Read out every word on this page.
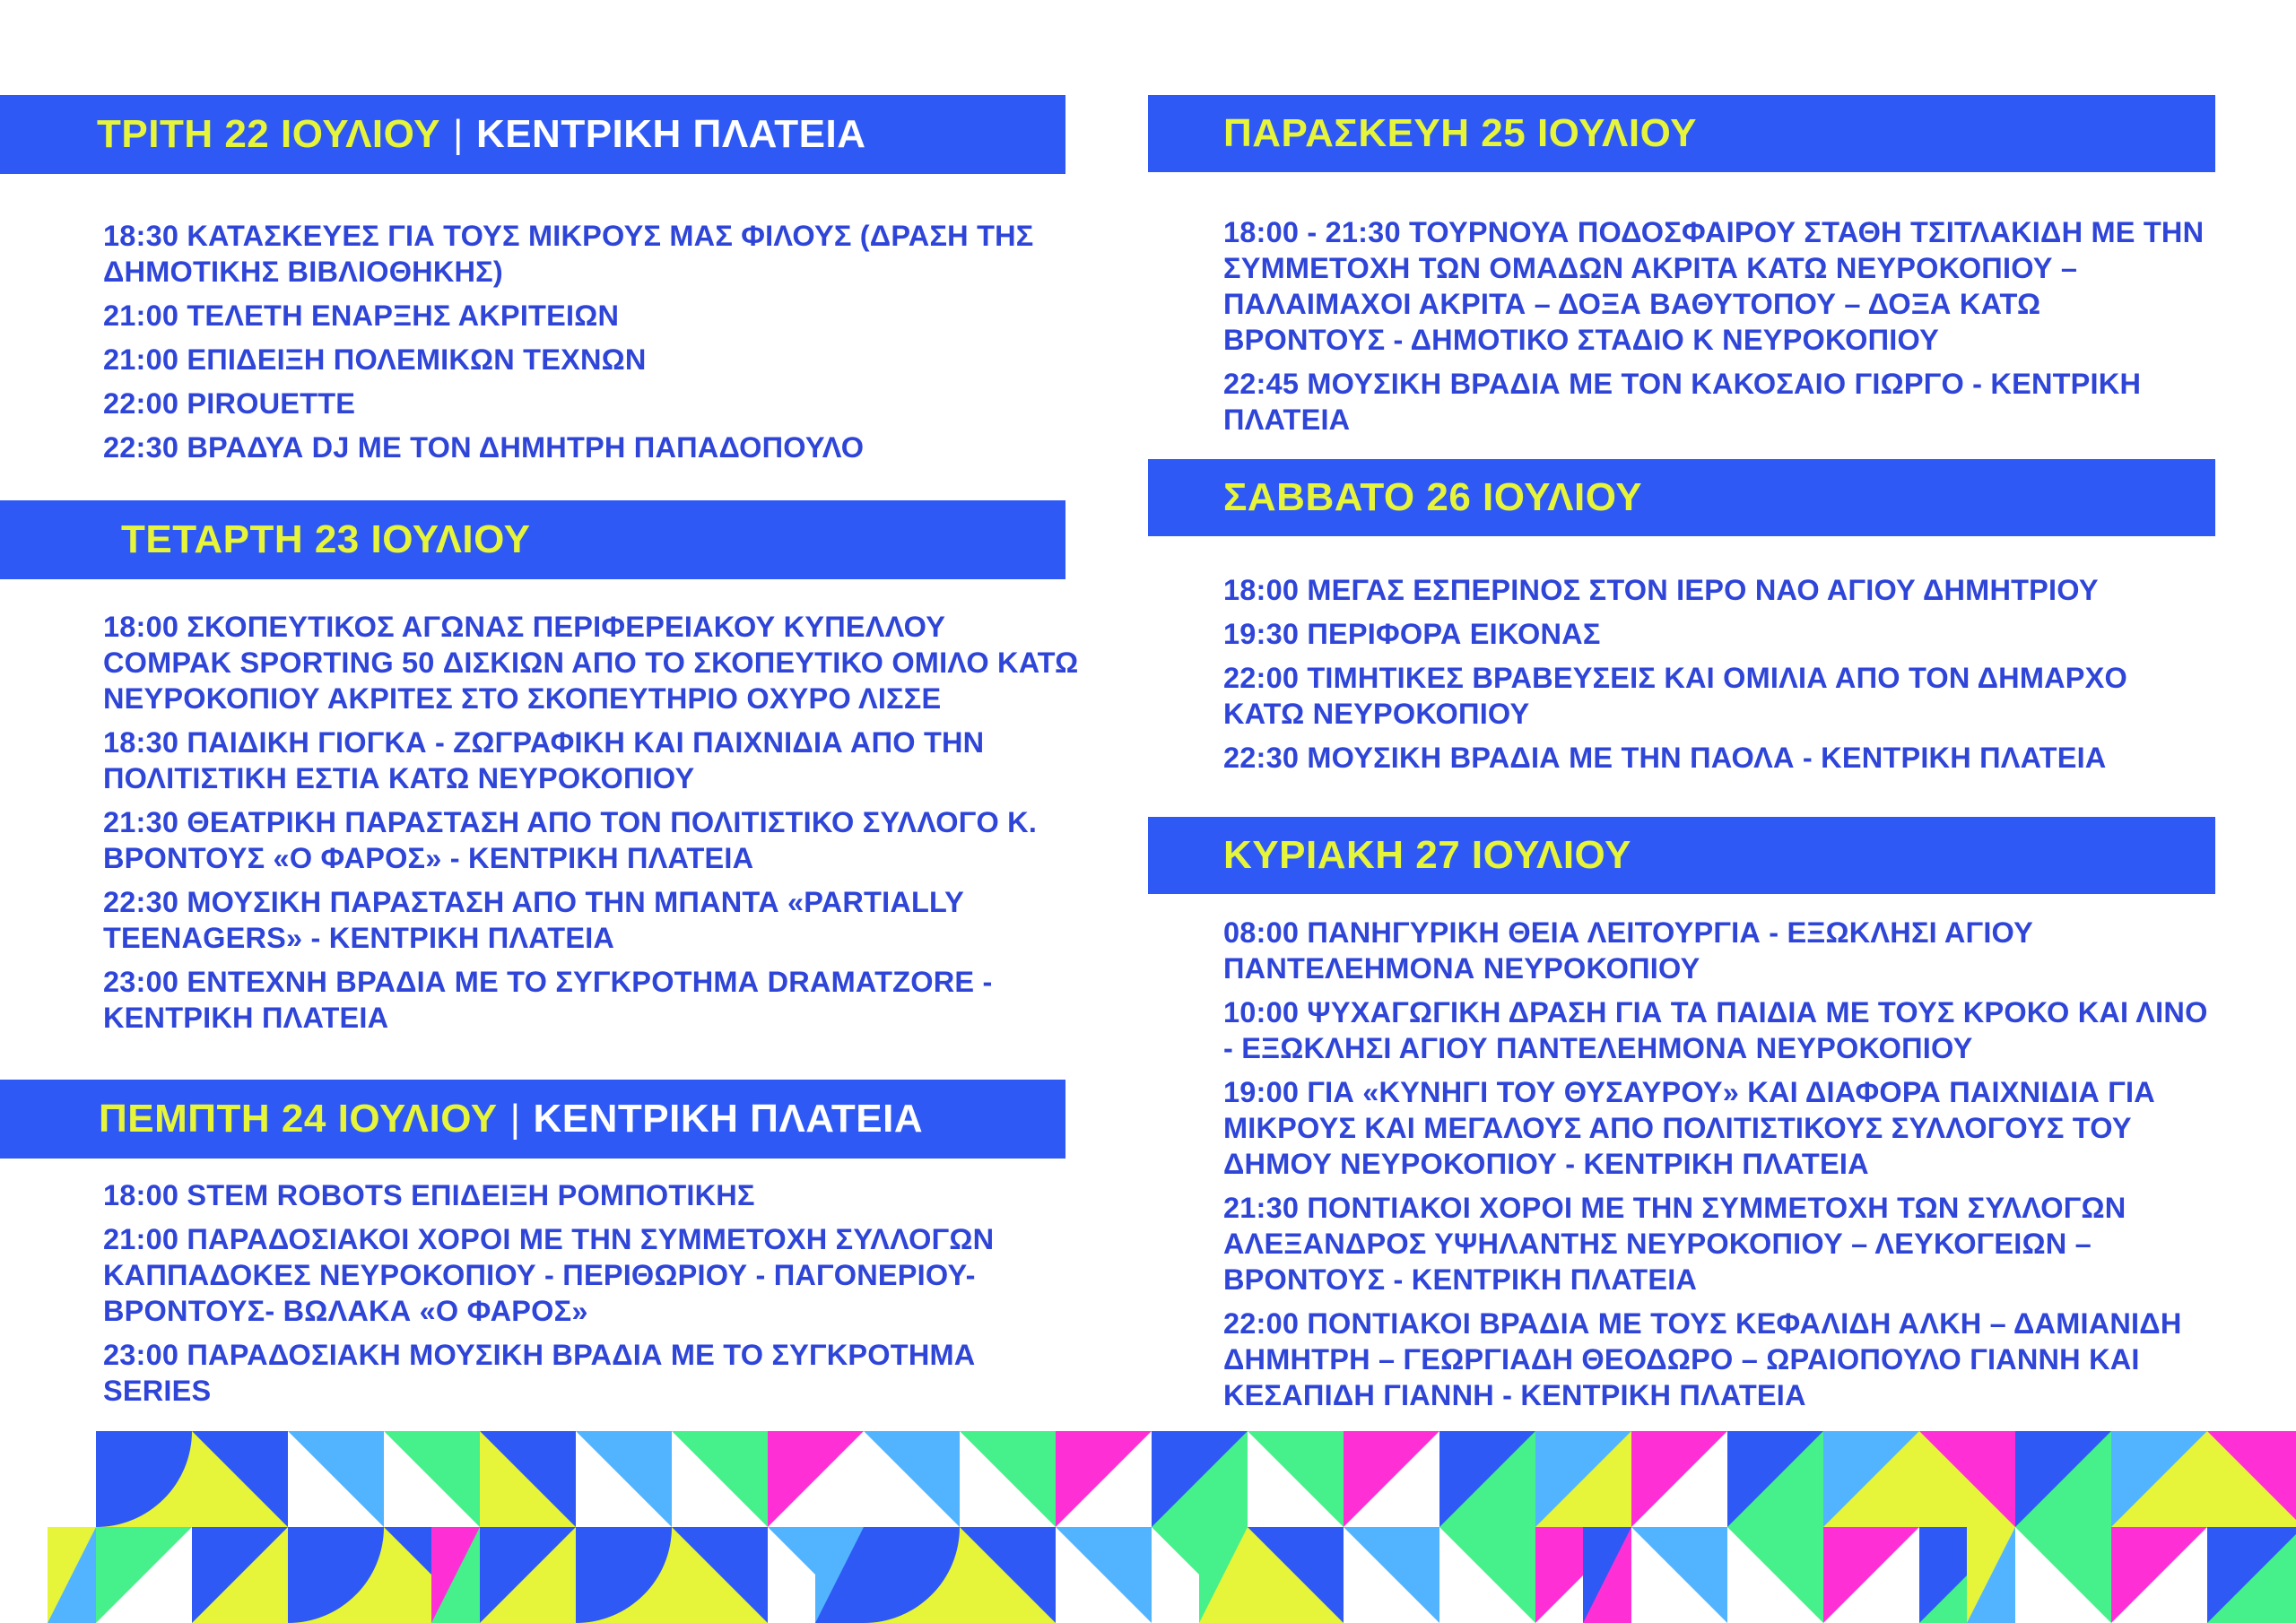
ΤΡΙΤΗ 22 ΙΟΥΛΙΟΥ | ΚΕΝΤΡΙΚΗ ΠΛΑΤΕΙΑ
18:30 ΚΑΤΑΣΚΕΥΕΣ ΓΙΑ ΤΟΥΣ ΜΙΚΡΟΥΣ ΜΑΣ ΦΙΛΟΥΣ (ΔΡΑΣΗ ΤΗΣ ΔΗΜΟΤΙΚΗΣ ΒΙΒΛΙΟΘΗΚΗΣ)
21:00 ΤΕΛΕΤΗ ΕΝΑΡΞΗΣ ΑΚΡΙΤΕΙΩΝ
21:00 ΕΠΙΔΕΙΞΗ ΠΟΛΕΜΙΚΩΝ ΤΕΧΝΩΝ
22:00 PIROUETTE
22:30 ΒΡΑΔΥΑ DJ ΜΕ ΤΟΝ ΔΗΜΗΤΡΗ ΠΑΠΑΔΟΠΟΥΛΟ
ΤΕΤΑΡΤΗ 23 ΙΟΥΛΙΟΥ
18:00 ΣΚΟΠΕΥΤΙΚΟΣ ΑΓΩΝΑΣ ΠΕΡΙΦΕΡΕΙΑΚΟΥ ΚΥΠΕΛΛΟΥ COMPAK SPORTING 50 ΔΙΣΚΙΩΝ ΑΠΟ ΤΟ ΣΚΟΠΕΥΤΙΚΟ ΟΜΙΛΟ ΚΑΤΩ ΝΕΥΡΟΚΟΠΙΟΥ ΑΚΡΙΤΕΣ ΣΤΟ ΣΚΟΠΕΥΤΗΡΙΟ ΟΧΥΡΟ ΛΙΣΣΕ
18:30 ΠΑΙΔΙΚΗ ΓΙΟΓΚΑ - ΖΩΓΡΑΦΙΚΗ ΚΑΙ ΠΑΙΧΝΙΔΙΑ ΑΠΟ ΤΗΝ ΠΟΛΙΤΙΣΤΙΚΗ ΕΣΤΙΑ ΚΑΤΩ ΝΕΥΡΟΚΟΠΙΟΥ
21:30 ΘΕΑΤΡΙΚΗ ΠΑΡΑΣΤΑΣΗ ΑΠΟ ΤΟΝ ΠΟΛΙΤΙΣΤΙΚΟ ΣΥΛΛΟΓΟ Κ. ΒΡΟΝΤΟΥΣ «Ο ΦΑΡΟΣ» - ΚΕΝΤΡΙΚΗ ΠΛΑΤΕΙΑ
22:30 ΜΟΥΣΙΚΗ ΠΑΡΑΣΤΑΣΗ ΑΠΟ ΤΗΝ ΜΠΑΝΤΑ «PARTIALLY TEENAGERS» - ΚΕΝΤΡΙΚΗ ΠΛΑΤΕΙΑ
23:00 ΕΝΤΕΧΝΗ ΒΡΑΔΙΑ ΜΕ ΤΟ ΣΥΓΚΡΟΤΗΜΑ DRAMATZORE - ΚΕΝΤΡΙΚΗ ΠΛΑΤΕΙΑ
ΠΕΜΠΤΗ 24 ΙΟΥΛΙΟΥ | ΚΕΝΤΡΙΚΗ ΠΛΑΤΕΙΑ
18:00 STEM ROBOTS ΕΠΙΔΕΙΞΗ ΡΟΜΠΟΤΙΚΗΣ
21:00 ΠΑΡΑΔΟΣΙΑΚΟΙ ΧΟΡΟΙ ΜΕ ΤΗΝ ΣΥΜΜΕΤΟΧΗ ΣΥΛΛΟΓΩΝ ΚΑΠΠΑΔΟΚΕΣ ΝΕΥΡΟΚΟΠΙΟΥ - ΠΕΡΙΘΩΡΙΟΥ - ΠΑΓΟΝΕΡΙΟΥ- ΒΡΟΝΤΟΥΣ- ΒΩΛΑΚΑ «Ο ΦΑΡΟΣ»
23:00 ΠΑΡΑΔΟΣΙΑΚΗ ΜΟΥΣΙΚΗ ΒΡΑΔΙΑ ΜΕ ΤΟ ΣΥΓΚΡΟΤΗΜΑ SERIES
ΠΑΡΑΣΚΕΥΗ 25 ΙΟΥΛΙΟΥ
18:00 - 21:30 ΤΟΥΡΝΟΥΑ ΠΟΔΟΣΦΑΙΡΟΥ ΣΤΑΘΗ ΤΣΙΤΛΑΚΙΔΗ ΜΕ ΤΗΝ ΣΥΜΜΕΤΟΧΗ ΤΩΝ ΟΜΑΔΩΝ ΑΚΡΙΤΑ ΚΑΤΩ ΝΕΥΡΟΚΟΠΙΟΥ – ΠΑΛΑΙΜΑΧΟΙ ΑΚΡΙΤΑ – ΔΟΞΑ ΒΑΘΥΤΟΠΟΥ – ΔΟΞΑ ΚΑΤΩ ΒΡΟΝΤΟΥΣ - ΔΗΜΟΤΙΚΟ ΣΤΑΔΙΟ Κ ΝΕΥΡΟΚΟΠΙΟΥ
22:45 ΜΟΥΣΙΚΗ ΒΡΑΔΙΑ ΜΕ ΤΟΝ ΚΑΚΟΣΑΙΟ ΓΙΩΡΓΟ - ΚΕΝΤΡΙΚΗ ΠΛΑΤΕΙΑ
ΣΑΒΒΑΤΟ 26 ΙΟΥΛΙΟΥ
18:00 ΜΕΓΑΣ ΕΣΠΕΡΙΝΟΣ ΣΤΟΝ ΙΕΡΟ ΝΑΟ ΑΓΙΟΥ ΔΗΜΗΤΡΙΟΥ
19:30 ΠΕΡΙΦΟΡΑ ΕΙΚΟΝΑΣ
22:00 ΤΙΜΗΤΙΚΕΣ ΒΡΑΒΕΥΣΕΙΣ ΚΑΙ ΟΜΙΛΙΑ ΑΠΟ ΤΟΝ ΔΗΜΑΡΧΟ ΚΑΤΩ ΝΕΥΡΟΚΟΠΙΟΥ
22:30 ΜΟΥΣΙΚΗ ΒΡΑΔΙΑ ΜΕ ΤΗΝ ΠΑΟΛΑ - ΚΕΝΤΡΙΚΗ ΠΛΑΤΕΙΑ
ΚΥΡΙΑΚΗ 27 ΙΟΥΛΙΟΥ
08:00 ΠΑΝΗΓΥΡΙΚΗ ΘΕΙΑ ΛΕΙΤΟΥΡΓΙΑ - ΕΞΩΚΛΗΣΙ ΑΓΙΟΥ ΠΑΝΤΕΛΕΗΜΟΝΑ ΝΕΥΡΟΚΟΠΙΟΥ
10:00 ΨΥΧΑΓΩΓΙΚΗ ΔΡΑΣΗ ΓΙΑ ΤΑ ΠΑΙΔΙΑ ΜΕ ΤΟΥΣ ΚΡΟΚΟ ΚΑΙ ΛΙΝΟ - ΕΞΩΚΛΗΣΙ ΑΓΙΟΥ ΠΑΝΤΕΛΕΗΜΟΝΑ ΝΕΥΡΟΚΟΠΙΟΥ
19:00 ΓΙΑ «ΚΥΝΗΓΙ ΤΟΥ ΘΥΣΑΥΡΟΥ» ΚΑΙ ΔΙΑΦΟΡΑ ΠΑΙΧΝΙΔΙΑ ΓΙΑ ΜΙΚΡΟΥΣ ΚΑΙ ΜΕΓΑΛΟΥΣ ΑΠΟ ΠΟΛΙΤΙΣΤΙΚΟΥΣ ΣΥΛΛΟΓΟΥΣ ΤΟΥ ΔΗΜΟΥ ΝΕΥΡΟΚΟΠΙΟΥ - ΚΕΝΤΡΙΚΗ ΠΛΑΤΕΙΑ
21:30 ΠΟΝΤΙΑΚΟΙ ΧΟΡΟΙ ΜΕ ΤΗΝ ΣΥΜΜΕΤΟΧΗ ΤΩΝ ΣΥΛΛΟΓΩΝ ΑΛΕΞΑΝΔΡΟΣ ΥΨΗΛΑΝΤΗΣ ΝΕΥΡΟΚΟΠΙΟΥ – ΛΕΥΚΟΓΕΙΩΝ – ΒΡΟΝΤΟΥΣ - ΚΕΝΤΡΙΚΗ ΠΛΑΤΕΙΑ
22:00 ΠΟΝΤΙΑΚΟΙ ΒΡΑΔΙΑ ΜΕ ΤΟΥΣ ΚΕΦΑΛΙΔΗ ΑΛΚΗ – ΔΑΜΙΑΝΙΔΗ ΔΗΜΗΤΡΗ – ΓΕΩΡΓΙΑΔΗ ΘΕΟΔΩΡΟ – ΩΡΑΙΟΠΟΥΛΟ ΓΙΑΝΝΗ ΚΑΙ ΚΕΣΑΠΙΔΗ ΓΙΑΝΝΗ - ΚΕΝΤΡΙΚΗ ΠΛΑΤΕΙΑ
